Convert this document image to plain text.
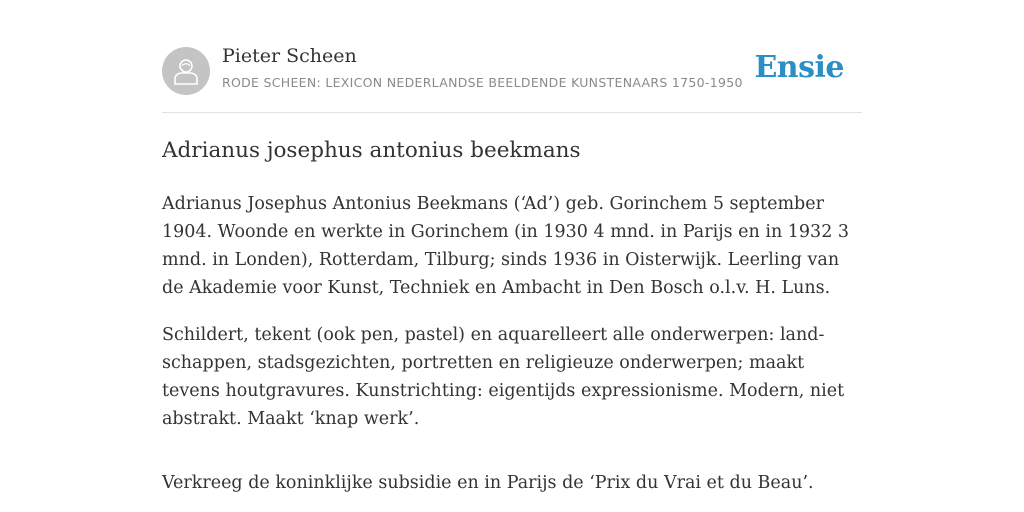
Pieter Scheen
RODE SCHEEN: LEXICON NEDERLANDSE BEELDENDE KUNSTENAARS 1750-1950 Ensie
Adrianus josephus antonius beekmans

Adrianus Josephus Antonius Beekmans (‘Ad’) geb. Gorinchem 5 september 1904. Woonde en werkte in Gorinchem (in 1930 4 mnd. in Parijs en in 1932 3 mnd. in Londen), Rotterdam, Tilburg; sinds 1936 in Oisterwijk. Leerling van de Akademie voor Kunst, Techniek en Ambacht in Den Bosch o.l.v. H. Luns.

Schildert, tekent (ook pen, pastel) en aquarelleert alle onderwerpen: land-schappen, stadsgezichten, portretten en religieuze onderwerpen; maakt tevens houtgravures. Kunstrichting: eigentijds expressionisme. Modern, niet abstrakt. Maakt ‘knap werk’.

Verkreeg de koninklijke subsidie en in Parijs de ‘Prix du Vrai et du Beau’.
